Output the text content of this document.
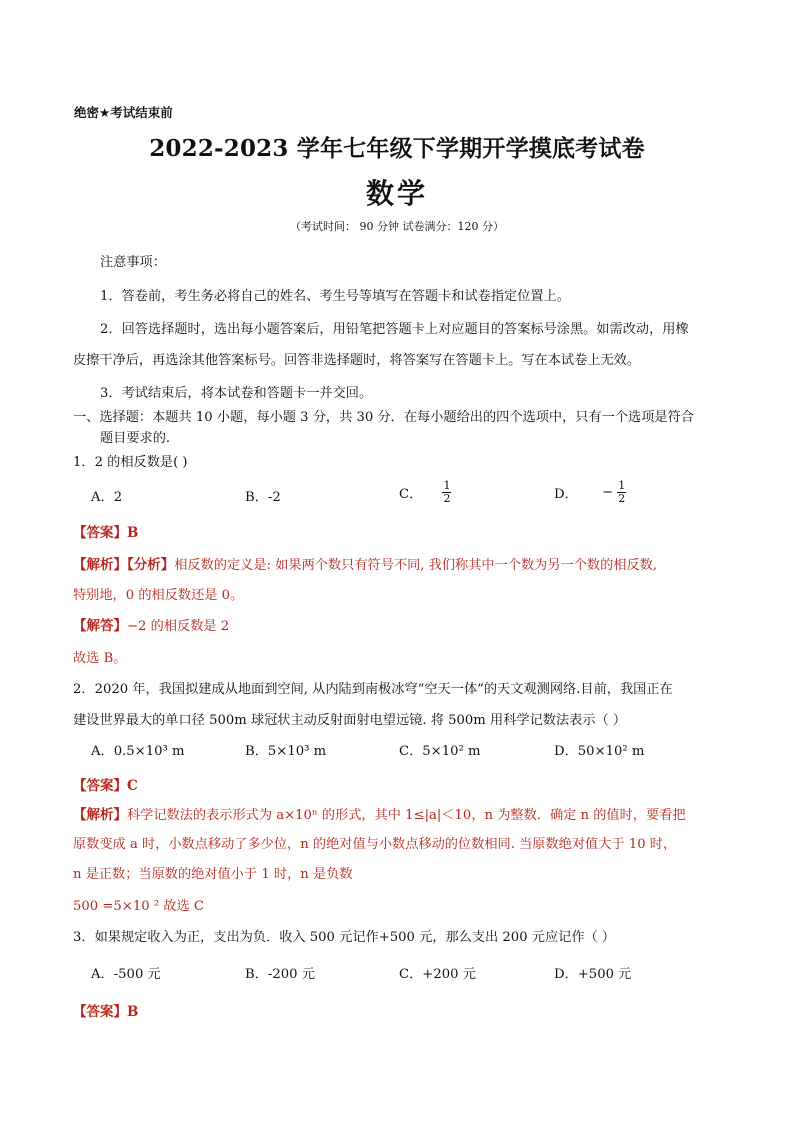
绝密★考试结束前
2022-2023 学年七年级下学期开学摸底考试卷
数学
（考试时间： 90 分钟 试卷满分：120 分）
注意事项：
1．答卷前，考生务必将自己的姓名、考生号等填写在答题卡和试卷指定位置上。
2．回答选择题时，选出每小题答案后，用铅笔把答题卡上对应题目的答案标号涂黑。如需改动，用橡
皮擦干净后，再选涂其他答案标号。回答非选择题时，将答案写在答题卡上。写在本试卷上无效。
3．考试结束后，将本试卷和答题卡一并交回。
一、选择题：本题共 10 小题，每小题 3 分，共 30 分．在每小题给出的四个选项中，只有一个选项是符合
题目要求的.
1．2 的相反数是( )
A．2	B．-2	C． $\frac{1}{2}$	D． − $\frac{1}{2}$
【答案】B
【解析】【分析】相反数的定义是: 如果两个数只有符号不同, 我们称其中一个数为另一个数的相反数,
特别地，0 的相反数还是 0。
【解答】−2 的相反数是 2
故选 B。
2．2020 年，我国拟建成从地面到空间, 从内陆到南极冰穹“空天一体”的天文观测网络.目前，我国正在
建设世界最大的单口径 500m 球冠状主动反射面射电望远镜. 将 500m 用科学记数法表示（ ）
A．0.5×10³ m	B．5×10³ m	C．5×10² m	D．50×10² m
【答案】C
【解析】科学记数法的表示形式为 a×10ⁿ 的形式，其中 1≤|a|＜10，n 为整数．确定 n 的值时，要看把
原数变成 a 时，小数点移动了多少位，n 的绝对值与小数点移动的位数相同. 当原数绝对值大于 10 时，
n 是正数；当原数的绝对值小于 1 时，n 是负数
500 =5×10 ² 故选 C
3．如果规定收入为正，支出为负．收入 500 元记作+500 元，那么支出 200 元应记作（ ）
A．-500 元	B．-200 元	C．+200 元	D．+500 元
【答案】B
